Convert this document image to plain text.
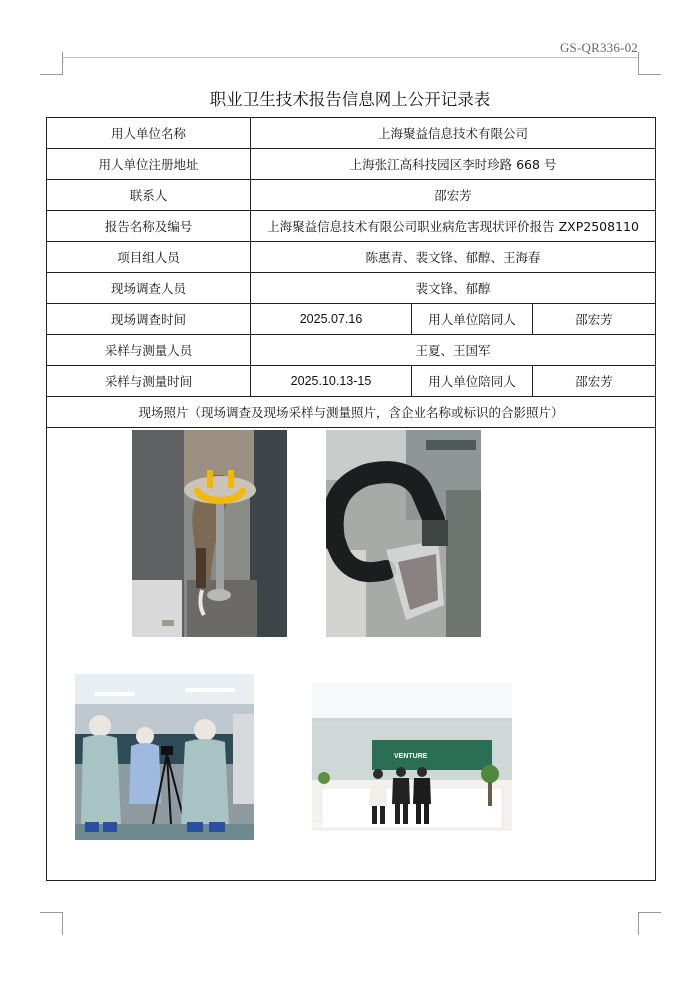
GS-QR336-02
职业卫生技术报告信息网上公开记录表
用人单位名称	上海聚益信息技术有限公司		
用人单位注册地址	上海张江高科技园区李时珍路 668 号		
联系人	邵宏芳		
报告名称及编号	上海聚益信息技术有限公司职业病危害现状评价报告 ZXP2508110		
项目组人员	陈惠青、裴文锋、郁醇、王海春		
现场调查人员	裴文锋、郁醇		
现场调查时间	2025.07.16	用人单位陪同人	邵宏芳
采样与测量人员	王夏、王国军		
采样与测量时间	2025.10.13-15	用人单位陪同人	邵宏芳
现场照片（现场调查及现场采样与测量照片，含企业名称或标识的合影照片）			

VENTURE
2025.10.13
